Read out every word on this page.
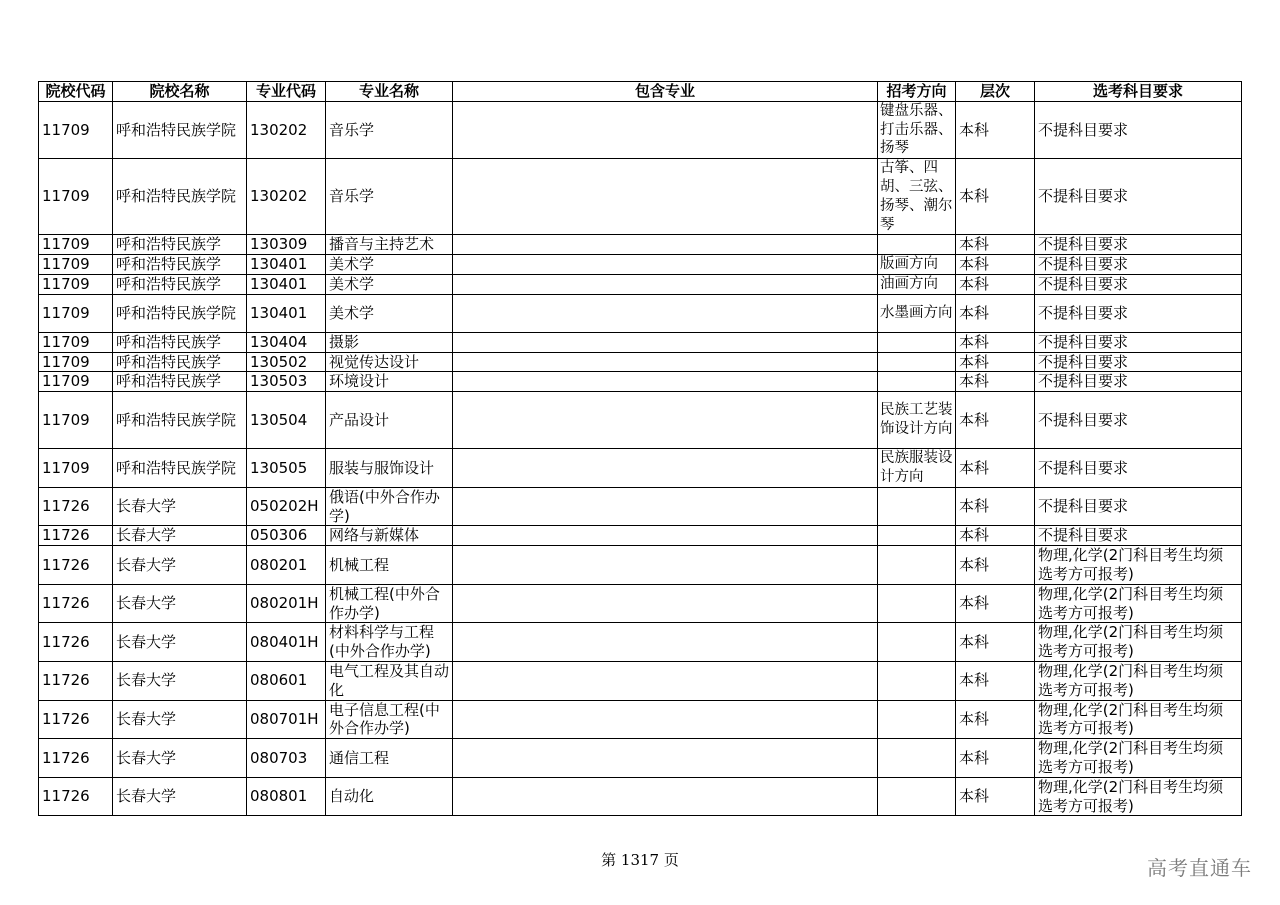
院校代码	院校名称	专业代码	专业名称	包含专业	招考方向	层次	选考科目要求
11709	呼和浩特民族学院	130202	音乐学		键盘乐器、打击乐器、扬琴	本科	不提科目要求
11709	呼和浩特民族学院	130202	音乐学		古筝、四胡、三弦、扬琴、潮尔琴	本科	不提科目要求
11709	呼和浩特民族学	130309	播音与主持艺术			本科	不提科目要求
11709	呼和浩特民族学	130401	美术学		版画方向	本科	不提科目要求
11709	呼和浩特民族学	130401	美术学		油画方向	本科	不提科目要求
11709	呼和浩特民族学院	130401	美术学		水墨画方向	本科	不提科目要求
11709	呼和浩特民族学	130404	摄影			本科	不提科目要求
11709	呼和浩特民族学	130502	视觉传达设计			本科	不提科目要求
11709	呼和浩特民族学	130503	环境设计			本科	不提科目要求
11709	呼和浩特民族学院	130504	产品设计		民族工艺装饰设计方向	本科	不提科目要求
11709	呼和浩特民族学院	130505	服装与服饰设计		民族服装设计方向	本科	不提科目要求
11726	长春大学	050202H	俄语(中外合作办学)			本科	不提科目要求
11726	长春大学	050306	网络与新媒体			本科	不提科目要求
11726	长春大学	080201	机械工程			本科	物理,化学(2门科目考生均须选考方可报考)
11726	长春大学	080201H	机械工程(中外合作办学)			本科	物理,化学(2门科目考生均须选考方可报考)
11726	长春大学	080401H	材料科学与工程(中外合作办学)			本科	物理,化学(2门科目考生均须选考方可报考)
11726	长春大学	080601	电气工程及其自动化			本科	物理,化学(2门科目考生均须选考方可报考)
11726	长春大学	080701H	电子信息工程(中外合作办学)			本科	物理,化学(2门科目考生均须选考方可报考)
11726	长春大学	080703	通信工程			本科	物理,化学(2门科目考生均须选考方可报考)
11726	长春大学	080801	自动化			本科	物理,化学(2门科目考生均须选考方可报考)
第 1317 页	高考直通车
